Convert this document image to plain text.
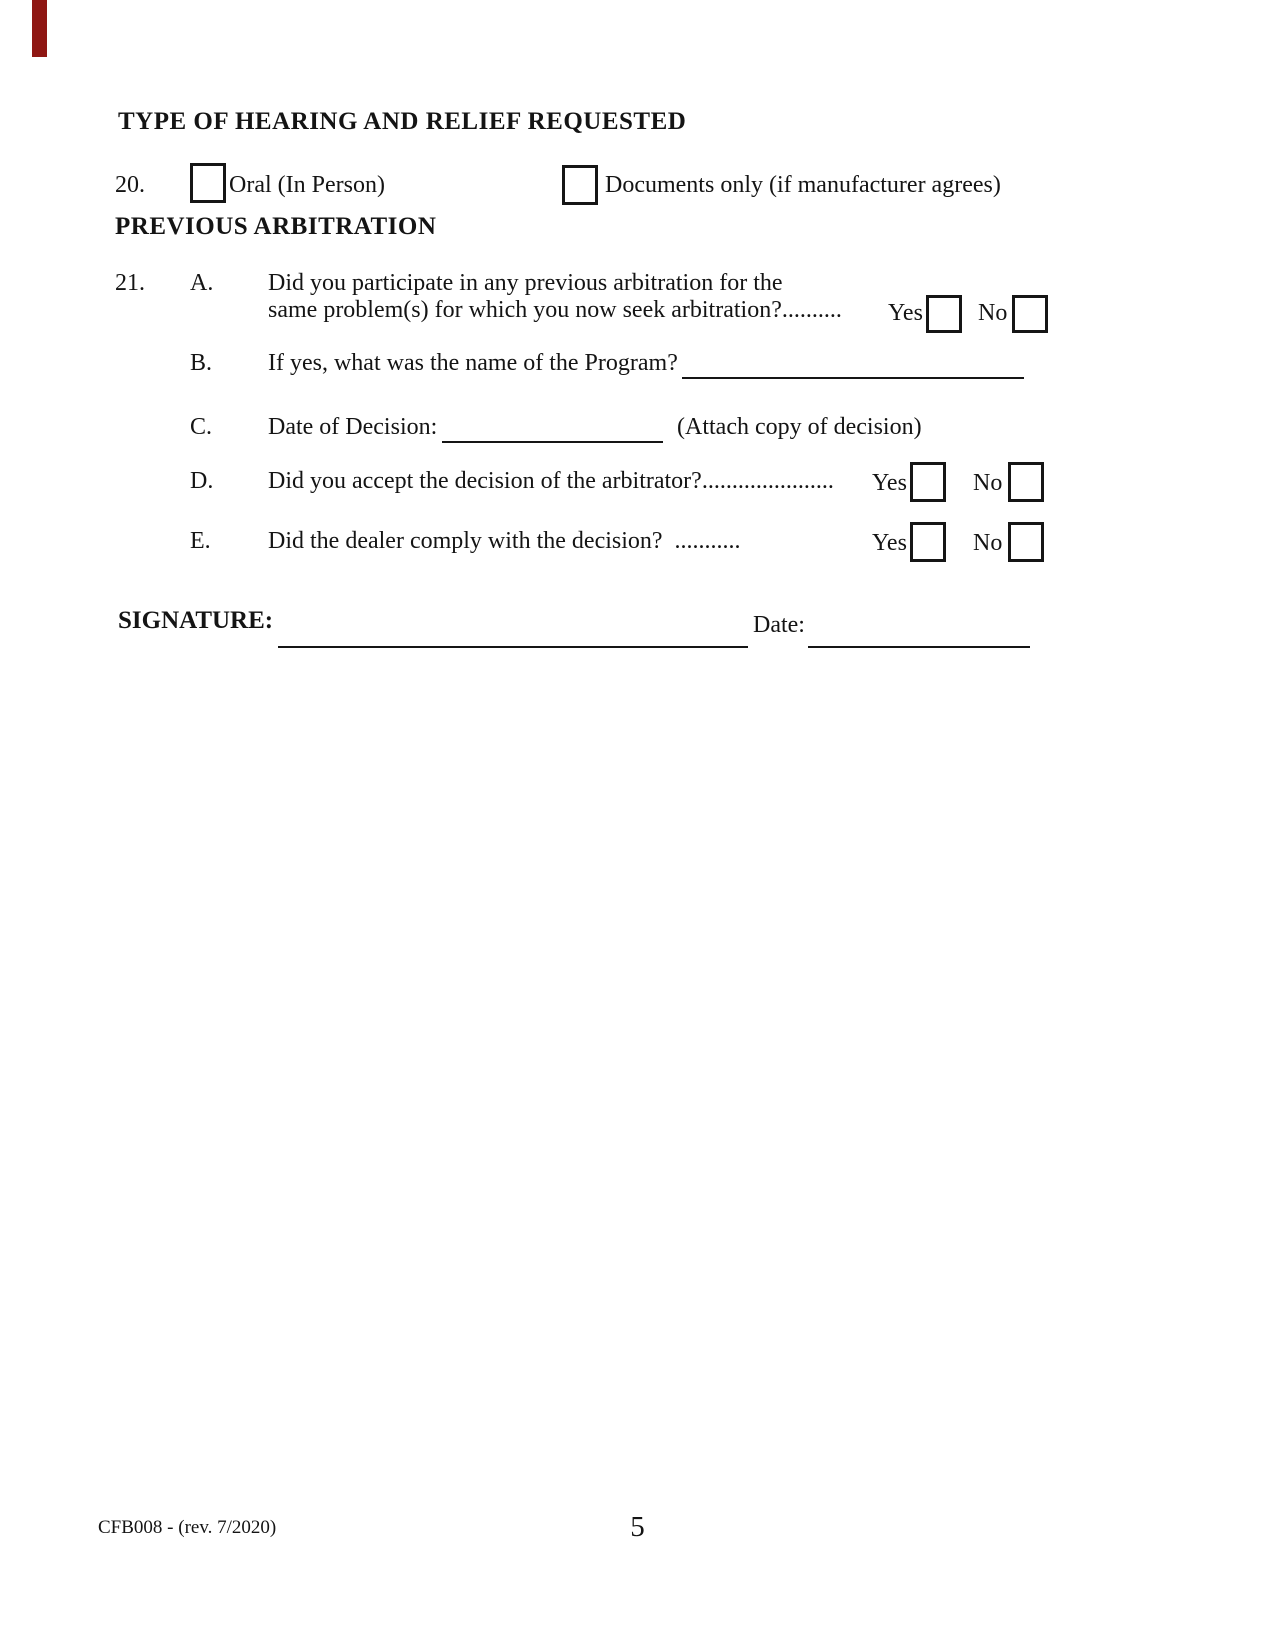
TYPE OF HEARING AND RELIEF REQUESTED
20.	Oral (In Person)	Documents only (if manufacturer agrees)
PREVIOUS ARBITRATION
21. A. Did you participate in any previous arbitration for the
same problem(s) for which you now seek arbitration?.......... Yes No
B. If yes, what was the name of the Program?
C. Date of Decision:	(Attach copy of decision)
D. Did you accept the decision of the arbitrator?...................... Yes	No
E. Did the dealer comply with the decision?  ...........	Yes	No
SIGNATURE:	Date:
CFB008 - (rev. 7/2020)	5
